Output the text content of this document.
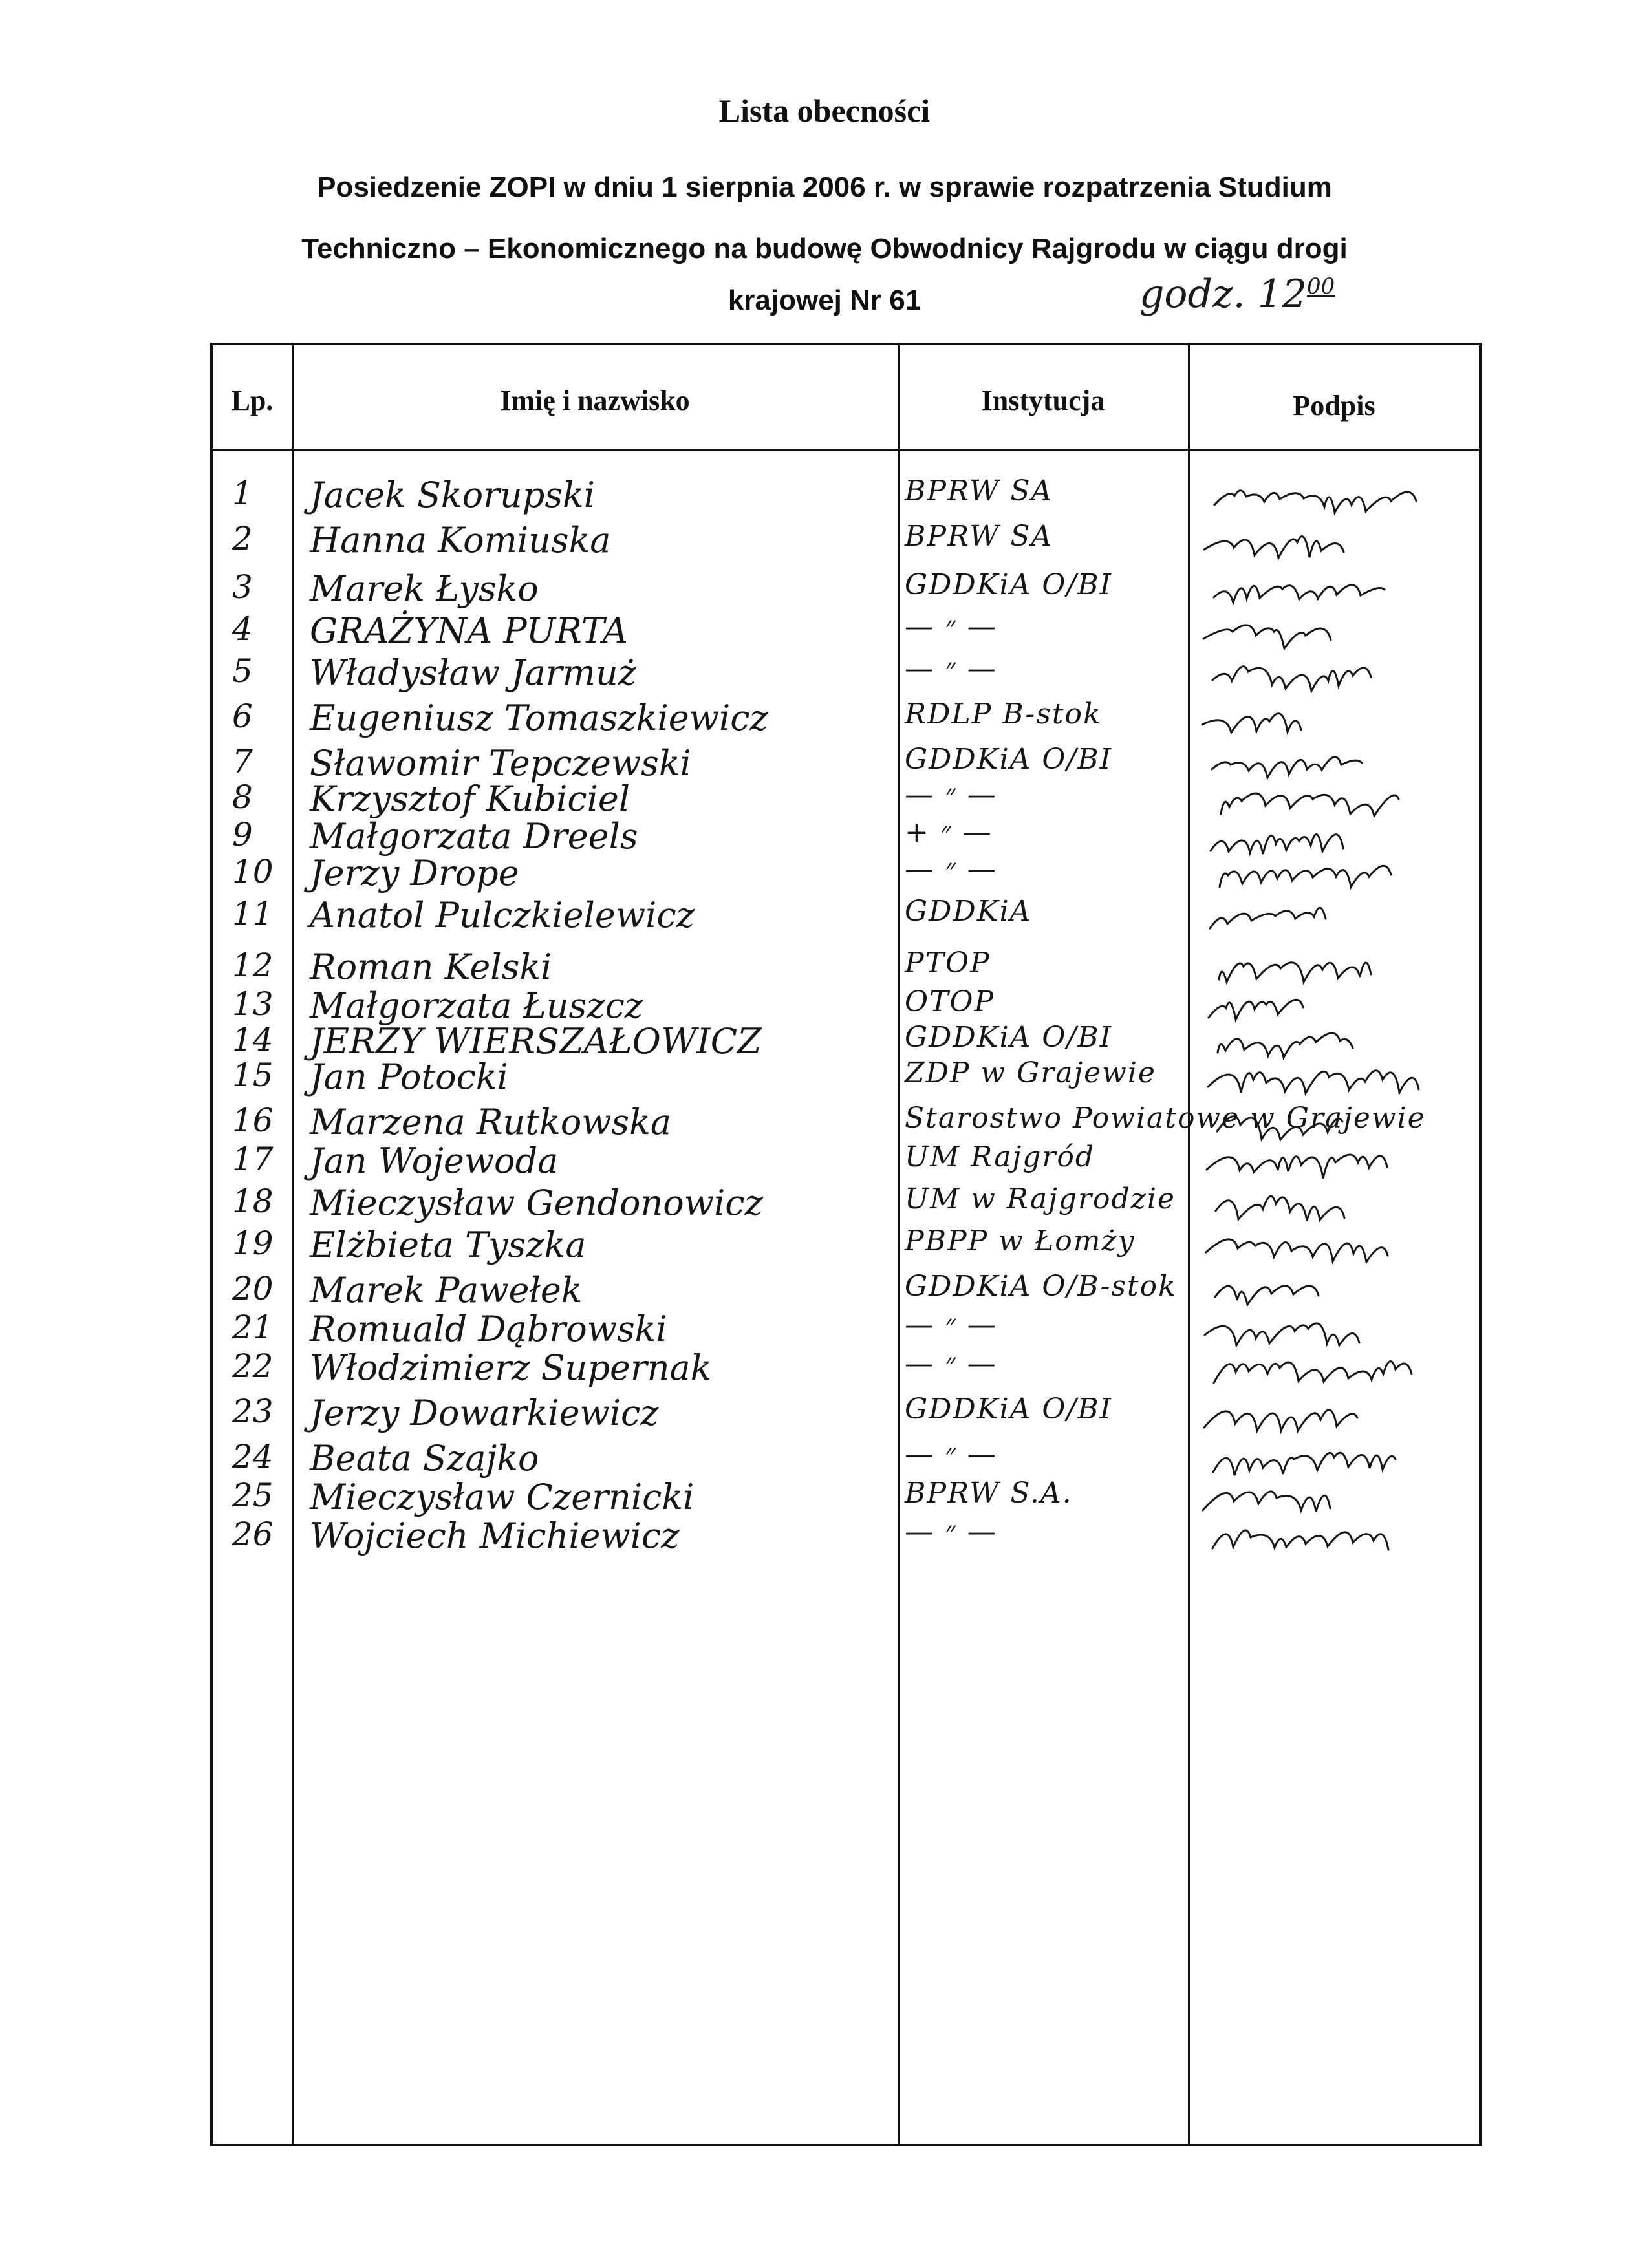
Lista obecności
Posiedzenie ZOPI w dniu 1 sierpnia 2006 r. w sprawie rozpatrzenia Studium
Techniczno – Ekonomicznego na budowę Obwodnicy Rajgrodu w ciągu drogi
krajowej Nr 61	godz. $12^{00}$
Lp.	Imię i nazwisko	Instytucja	Podpis
1	Jacek Skorupski	BPRW SA
2	Hanna Komiuska	BPRW SA
3	Marek Łysko	GDDKiA O/BI
4	GRAŻYNA PURTA	— ״ —
5	Władysław Jarmuż	— ״ —
6	Eugeniusz Tomaszkiewicz	RDLP B-stok
7	Sławomir Tepczewski	GDDKiA O/BI
8	Krzysztof Kubiciel	— ״ —
9	Małgorzata Dreels	+ ״ —
10	Jerzy Drope	— ״ —
11	Anatol Pulczkielewicz	GDDKiA
12	Roman Kelski	PTOP
13	Małgorzata Łuszcz	OTOP
14	JERZY WIERSZAŁOWICZ	GDDKiA O/BI
15	Jan Potocki	ZDP w Grajewie
16	Marzena Rutkowska	Starostwo Powiatowe w Grajewie
17	Jan Wojewoda	UM Rajgród
18	Mieczysław Gendonowicz	UM w Rajgrodzie
19	Elżbieta Tyszka	PBPP w Łomży
20	Marek Pawełek	GDDKiA O/B-stok
21	Romuald Dąbrowski	— ״ —
22	Włodzimierz Supernak	— ״ —
23	Jerzy Dowarkiewicz	GDDKiA O/BI
24	Beata Szajko	— ״ —
25	Mieczysław Czernicki	BPRW S.A.
26	Wojciech Michiewicz	— ״ —
